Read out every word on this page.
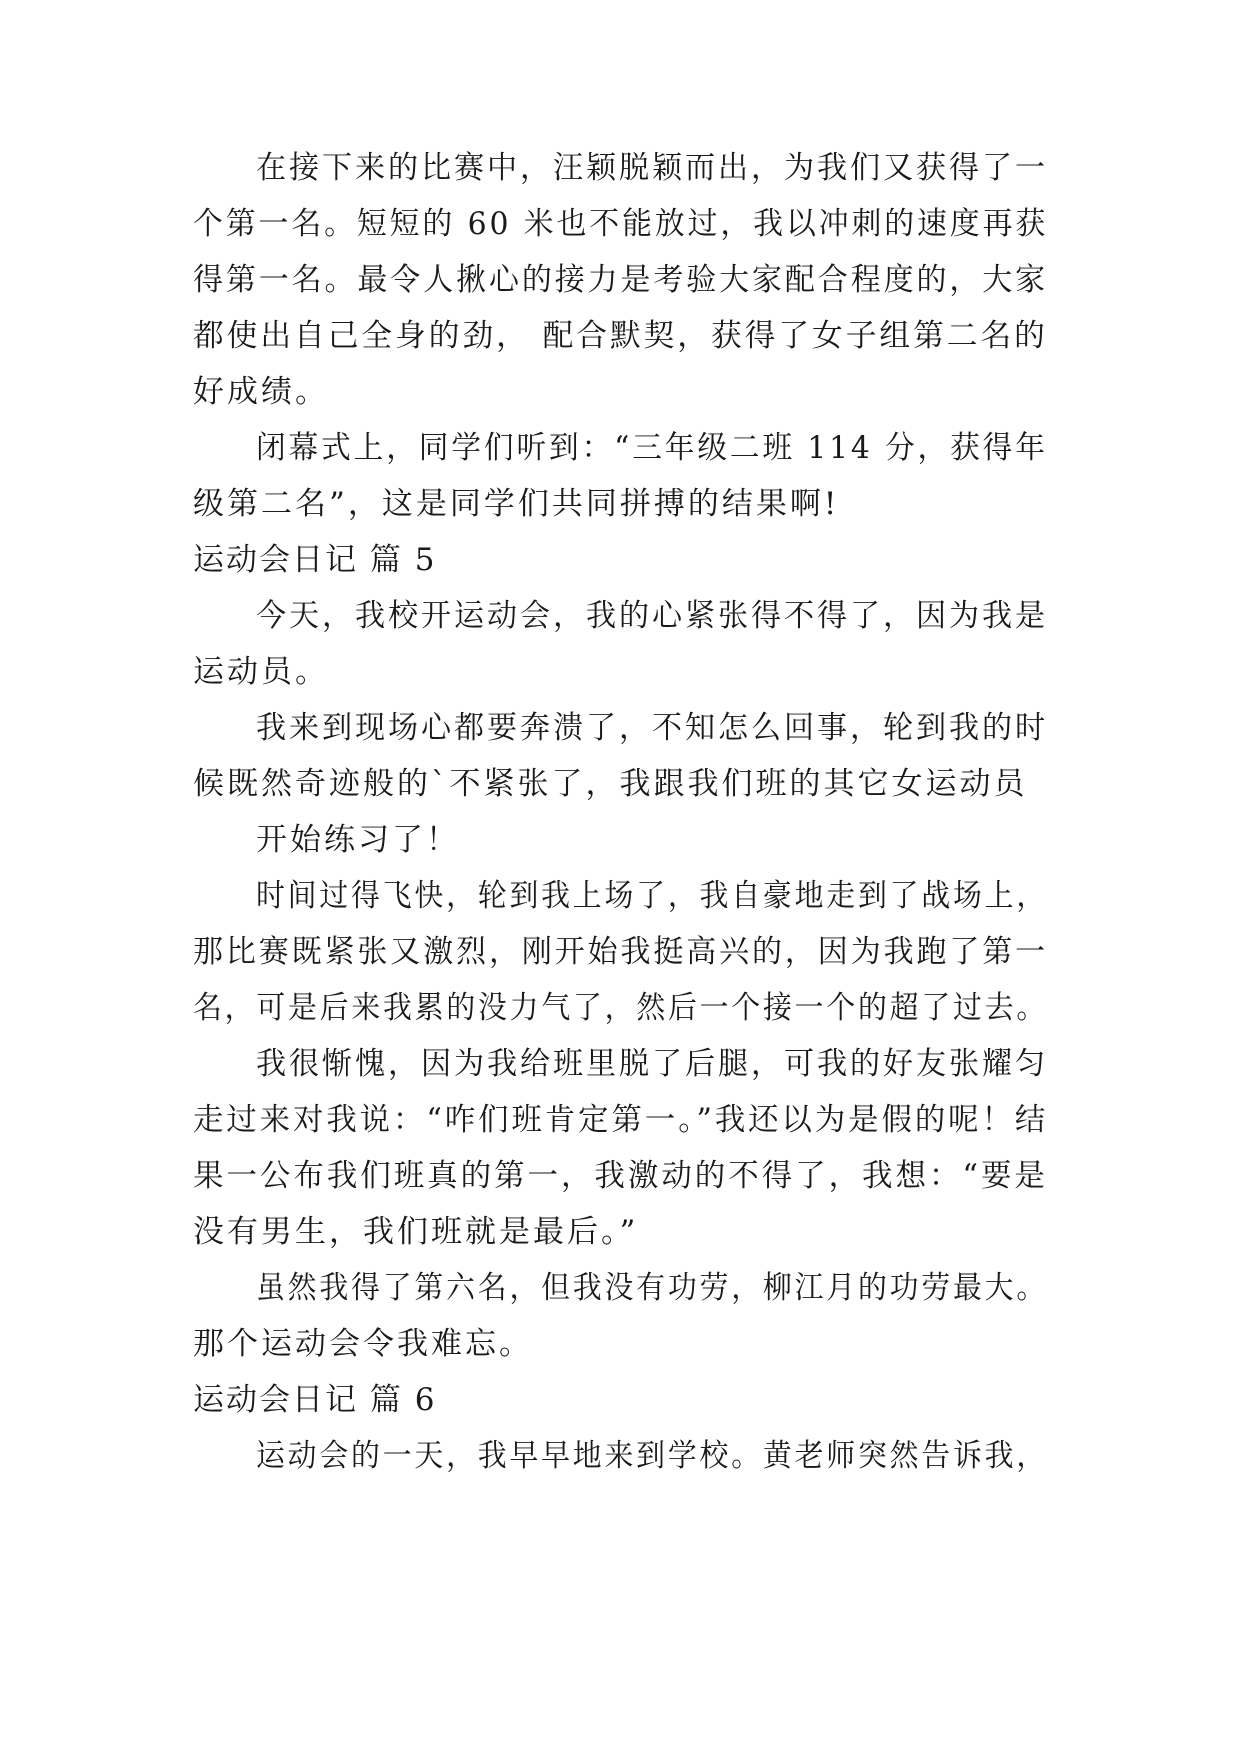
在接下来的比赛中，汪颖脱颖而出，为我们又获得了一
个第一名。短短的 60 米也不能放过，我以冲刺的速度再获
得第一名。最令人揪心的接力是考验大家配合程度的，大家
都使出自己全身的劲， 配合默契，获得了女子组第二名的
好成绩。
闭幕式上，同学们听到：“三年级二班 114 分，获得年
级第二名”，这是同学们共同拼搏的结果啊!
运动会日记 篇 5
今天，我校开运动会，我的心紧张得不得了，因为我是
运动员。
我来到现场心都要奔溃了，不知怎么回事，轮到我的时
候既然奇迹般的`不紧张了，我跟我们班的其它女运动员
开始练习了！
时间过得飞快，轮到我上场了，我自豪地走到了战场上，
那比赛既紧张又激烈，刚开始我挺高兴的，因为我跑了第一
名，可是后来我累的没力气了，然后一个接一个的超了过去。
我很惭愧，因为我给班里脱了后腿，可我的好友张耀匀
走过来对我说：“咋们班肯定第一。”我还以为是假的呢！结
果一公布我们班真的第一，我激动的不得了，我想：“要是
没有男生，我们班就是最后。”
虽然我得了第六名，但我没有功劳，柳江月的功劳最大。
那个运动会令我难忘。
运动会日记 篇 6
运动会的一天，我早早地来到学校。黄老师突然告诉我，
